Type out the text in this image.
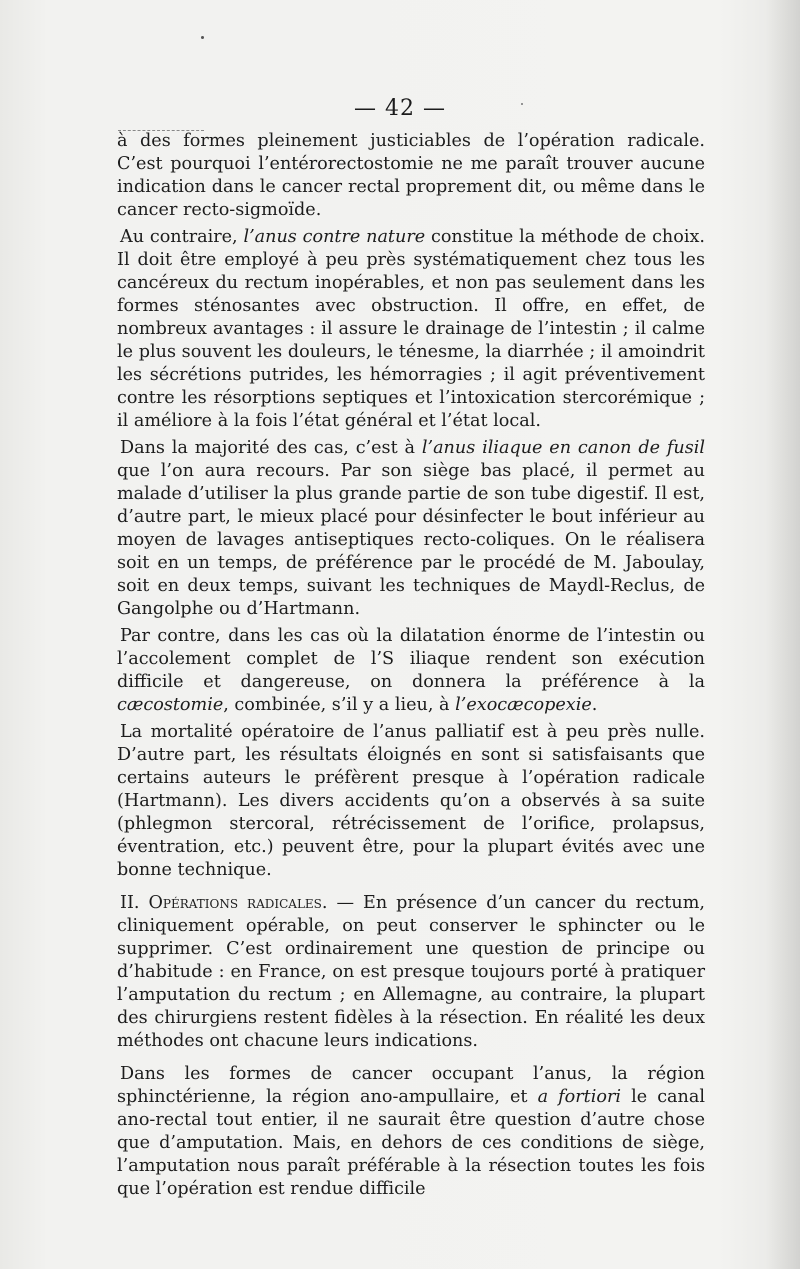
— 42 —

à des formes pleinement justiciables de l’opération radicale. C’est pourquoi l’entérorectostomie ne me paraît trouver aucune indication dans le cancer rectal proprement dit, ou même dans le cancer recto-sigmoïde.

Au contraire, l’anus contre nature constitue la méthode de choix. Il doit être employé à peu près systématiquement chez tous les cancéreux du rectum inopérables, et non pas seulement dans les formes sténosantes avec obstruction. Il offre, en effet, de nombreux avantages : il assure le drainage de l’intestin ; il calme le plus souvent les douleurs, le ténesme, la diarrhée ; il amoindrit les sécrétions putrides, les hémorragies ; il agit préventivement contre les résorptions septiques et l’intoxication stercorémique ; il améliore à la fois l’état général et l’état local.

Dans la majorité des cas, c’est à l’anus iliaque en canon de fusil que l’on aura recours. Par son siège bas placé, il permet au malade d’utiliser la plus grande partie de son tube digestif. Il est, d’autre part, le mieux placé pour désinfecter le bout inférieur au moyen de lavages antiseptiques recto-coliques. On le réalisera soit en un temps, de préférence par le procédé de M. Jaboulay, soit en deux temps, suivant les techniques de Maydl-Reclus, de Gangolphe ou d’Hartmann.

Par contre, dans les cas où la dilatation énorme de l’intestin ou l’accolement complet de l’S iliaque rendent son exécution difficile et dangereuse, on donnera la préférence à la cæcostomie, combinée, s’il y a lieu, à l’exocæcopexie.

La mortalité opératoire de l’anus palliatif est à peu près nulle. D’autre part, les résultats éloignés en sont si satisfaisants que certains auteurs le préfèrent presque à l’opération radicale (Hartmann). Les divers accidents qu’on a observés à sa suite (phlegmon stercoral, rétrécissement de l’orifice, prolapsus, éventration, etc.) peuvent être, pour la plupart évités avec une bonne technique.

II. Opérations radicales. — En présence d’un cancer du rectum, cliniquement opérable, on peut conserver le sphincter ou le supprimer. C’est ordinairement une question de principe ou d’habitude : en France, on est presque toujours porté à pratiquer l’amputation du rectum ; en Allemagne, au contraire, la plupart des chirurgiens restent fidèles à la résection. En réalité les deux méthodes ont chacune leurs indications.

Dans les formes de cancer occupant l’anus, la région sphinctérienne, la région ano-ampullaire, et a fortiori le canal ano-rectal tout entier, il ne saurait être question d’autre chose que d’amputation. Mais, en dehors de ces conditions de siège, l’amputation nous paraît préférable à la résection toutes les fois que l’opération est rendue difficile
